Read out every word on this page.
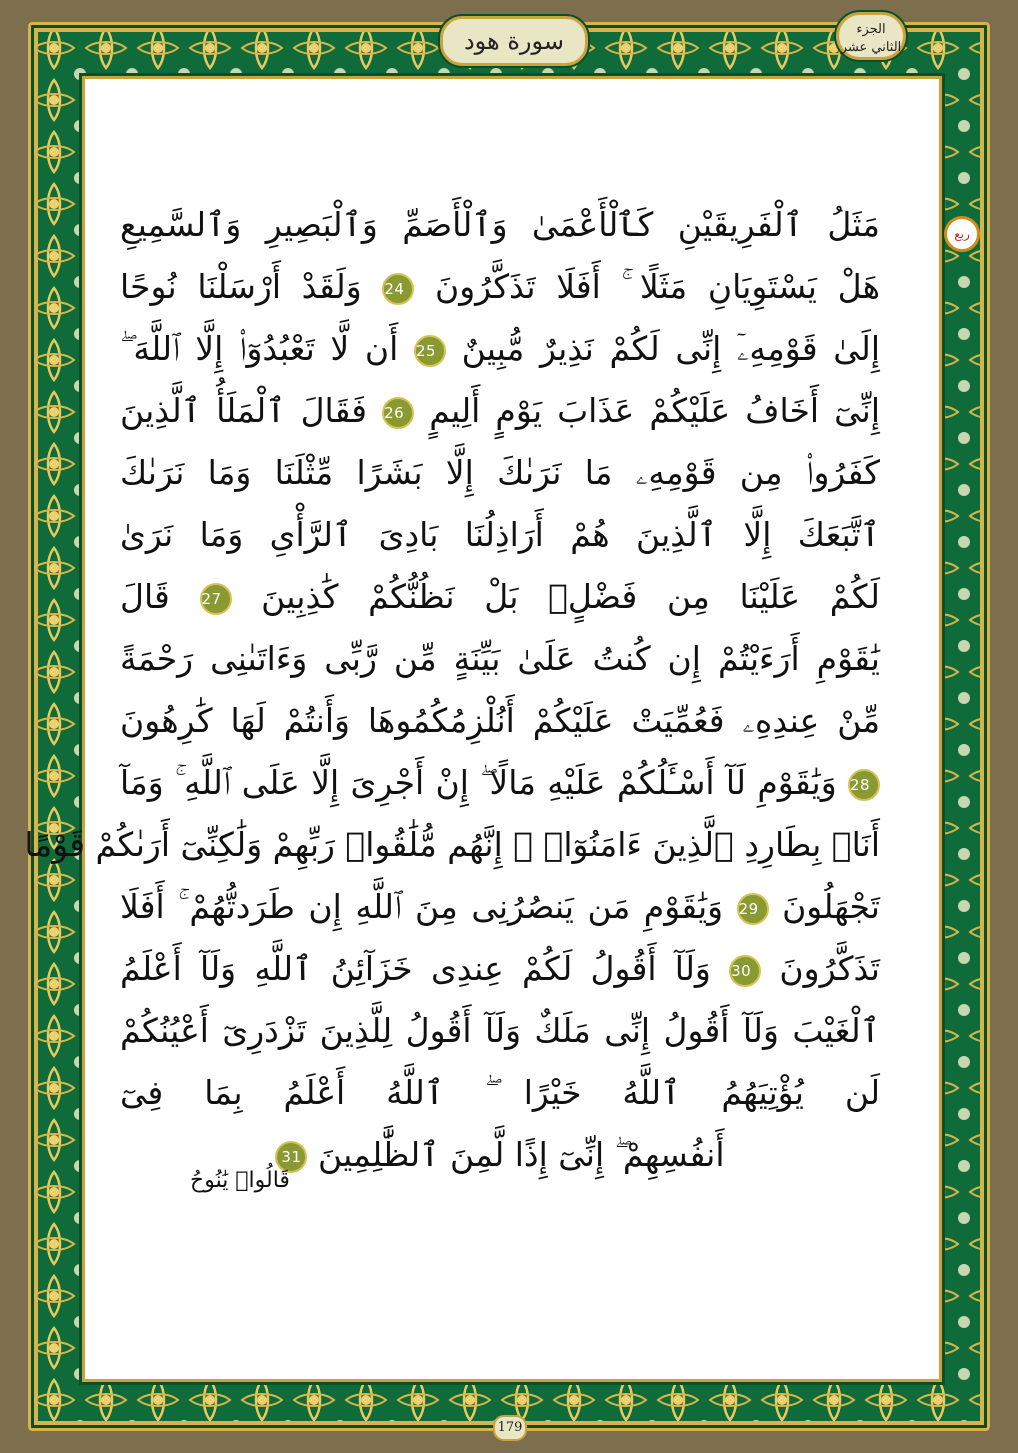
سورة هود	الجزء
الثاني عشر
ربع
مَثَلُ ٱلْفَرِيقَيْنِ كَٱلْأَعْمَىٰ وَٱلْأَصَمِّ وَٱلْبَصِيرِ وَٱلسَّمِيعِ
هَلْ يَسْتَوِيَانِ مَثَلًا ۚ أَفَلَا تَذَكَّرُونَ 24 وَلَقَدْ أَرْسَلْنَا نُوحًا
إِلَىٰ قَوْمِهِۦٓ إِنِّى لَكُمْ نَذِيرٌ مُّبِينٌ 25 أَن لَّا تَعْبُدُوٓا۟ إِلَّا ٱللَّهَ ۖ
إِنِّىٓ أَخَافُ عَلَيْكُمْ عَذَابَ يَوْمٍ أَلِيمٍ 26 فَقَالَ ٱلْمَلَأُ ٱلَّذِينَ
كَفَرُوا۟ مِن قَوْمِهِۦ مَا نَرَىٰكَ إِلَّا بَشَرًا مِّثْلَنَا وَمَا نَرَىٰكَ
ٱتَّبَعَكَ إِلَّا ٱلَّذِينَ هُمْ أَرَاذِلُنَا بَادِىَ ٱلرَّأْىِ وَمَا نَرَىٰ
لَكُمْ عَلَيْنَا مِن فَضْلٍۭ بَلْ نَظُنُّكُمْ كَٰذِبِينَ 27 قَالَ
يَٰقَوْمِ أَرَءَيْتُمْ إِن كُنتُ عَلَىٰ بَيِّنَةٍ مِّن رَّبِّى وَءَاتَىٰنِى رَحْمَةً
مِّنْ عِندِهِۦ فَعُمِّيَتْ عَلَيْكُمْ أَنُلْزِمُكُمُوهَا وَأَنتُمْ لَهَا كَٰرِهُونَ
28 وَيَٰقَوْمِ لَآ أَسْـَٔلُكُمْ عَلَيْهِ مَالًا ۖ إِنْ أَجْرِىَ إِلَّا عَلَى ٱللَّهِ ۚ وَمَآ
أَنَا۠ بِطَارِدِ ٱلَّذِينَ ءَامَنُوٓا۟ ۚ إِنَّهُم مُّلَٰقُوا۟ رَبِّهِمْ وَلَٰكِنِّىٓ أَرَىٰكُمْ قَوْمًا
تَجْهَلُونَ 29 وَيَٰقَوْمِ مَن يَنصُرُنِى مِنَ ٱللَّهِ إِن طَرَدتُّهُمْ ۚ أَفَلَا
تَذَكَّرُونَ 30 وَلَآ أَقُولُ لَكُمْ عِندِى خَزَآئِنُ ٱللَّهِ وَلَآ أَعْلَمُ
ٱلْغَيْبَ وَلَآ أَقُولُ إِنِّى مَلَكٌ وَلَآ أَقُولُ لِلَّذِينَ تَزْدَرِىٓ أَعْيُنُكُمْ
لَن يُؤْتِيَهُمُ ٱللَّهُ خَيْرًا ۖ ٱللَّهُ أَعْلَمُ بِمَا فِىٓ
أَنفُسِهِمْ ۖ إِنِّىٓ إِذًا لَّمِنَ ٱلظَّٰلِمِينَ 31
قَالُوا۟ يَٰنُوحُ
179
